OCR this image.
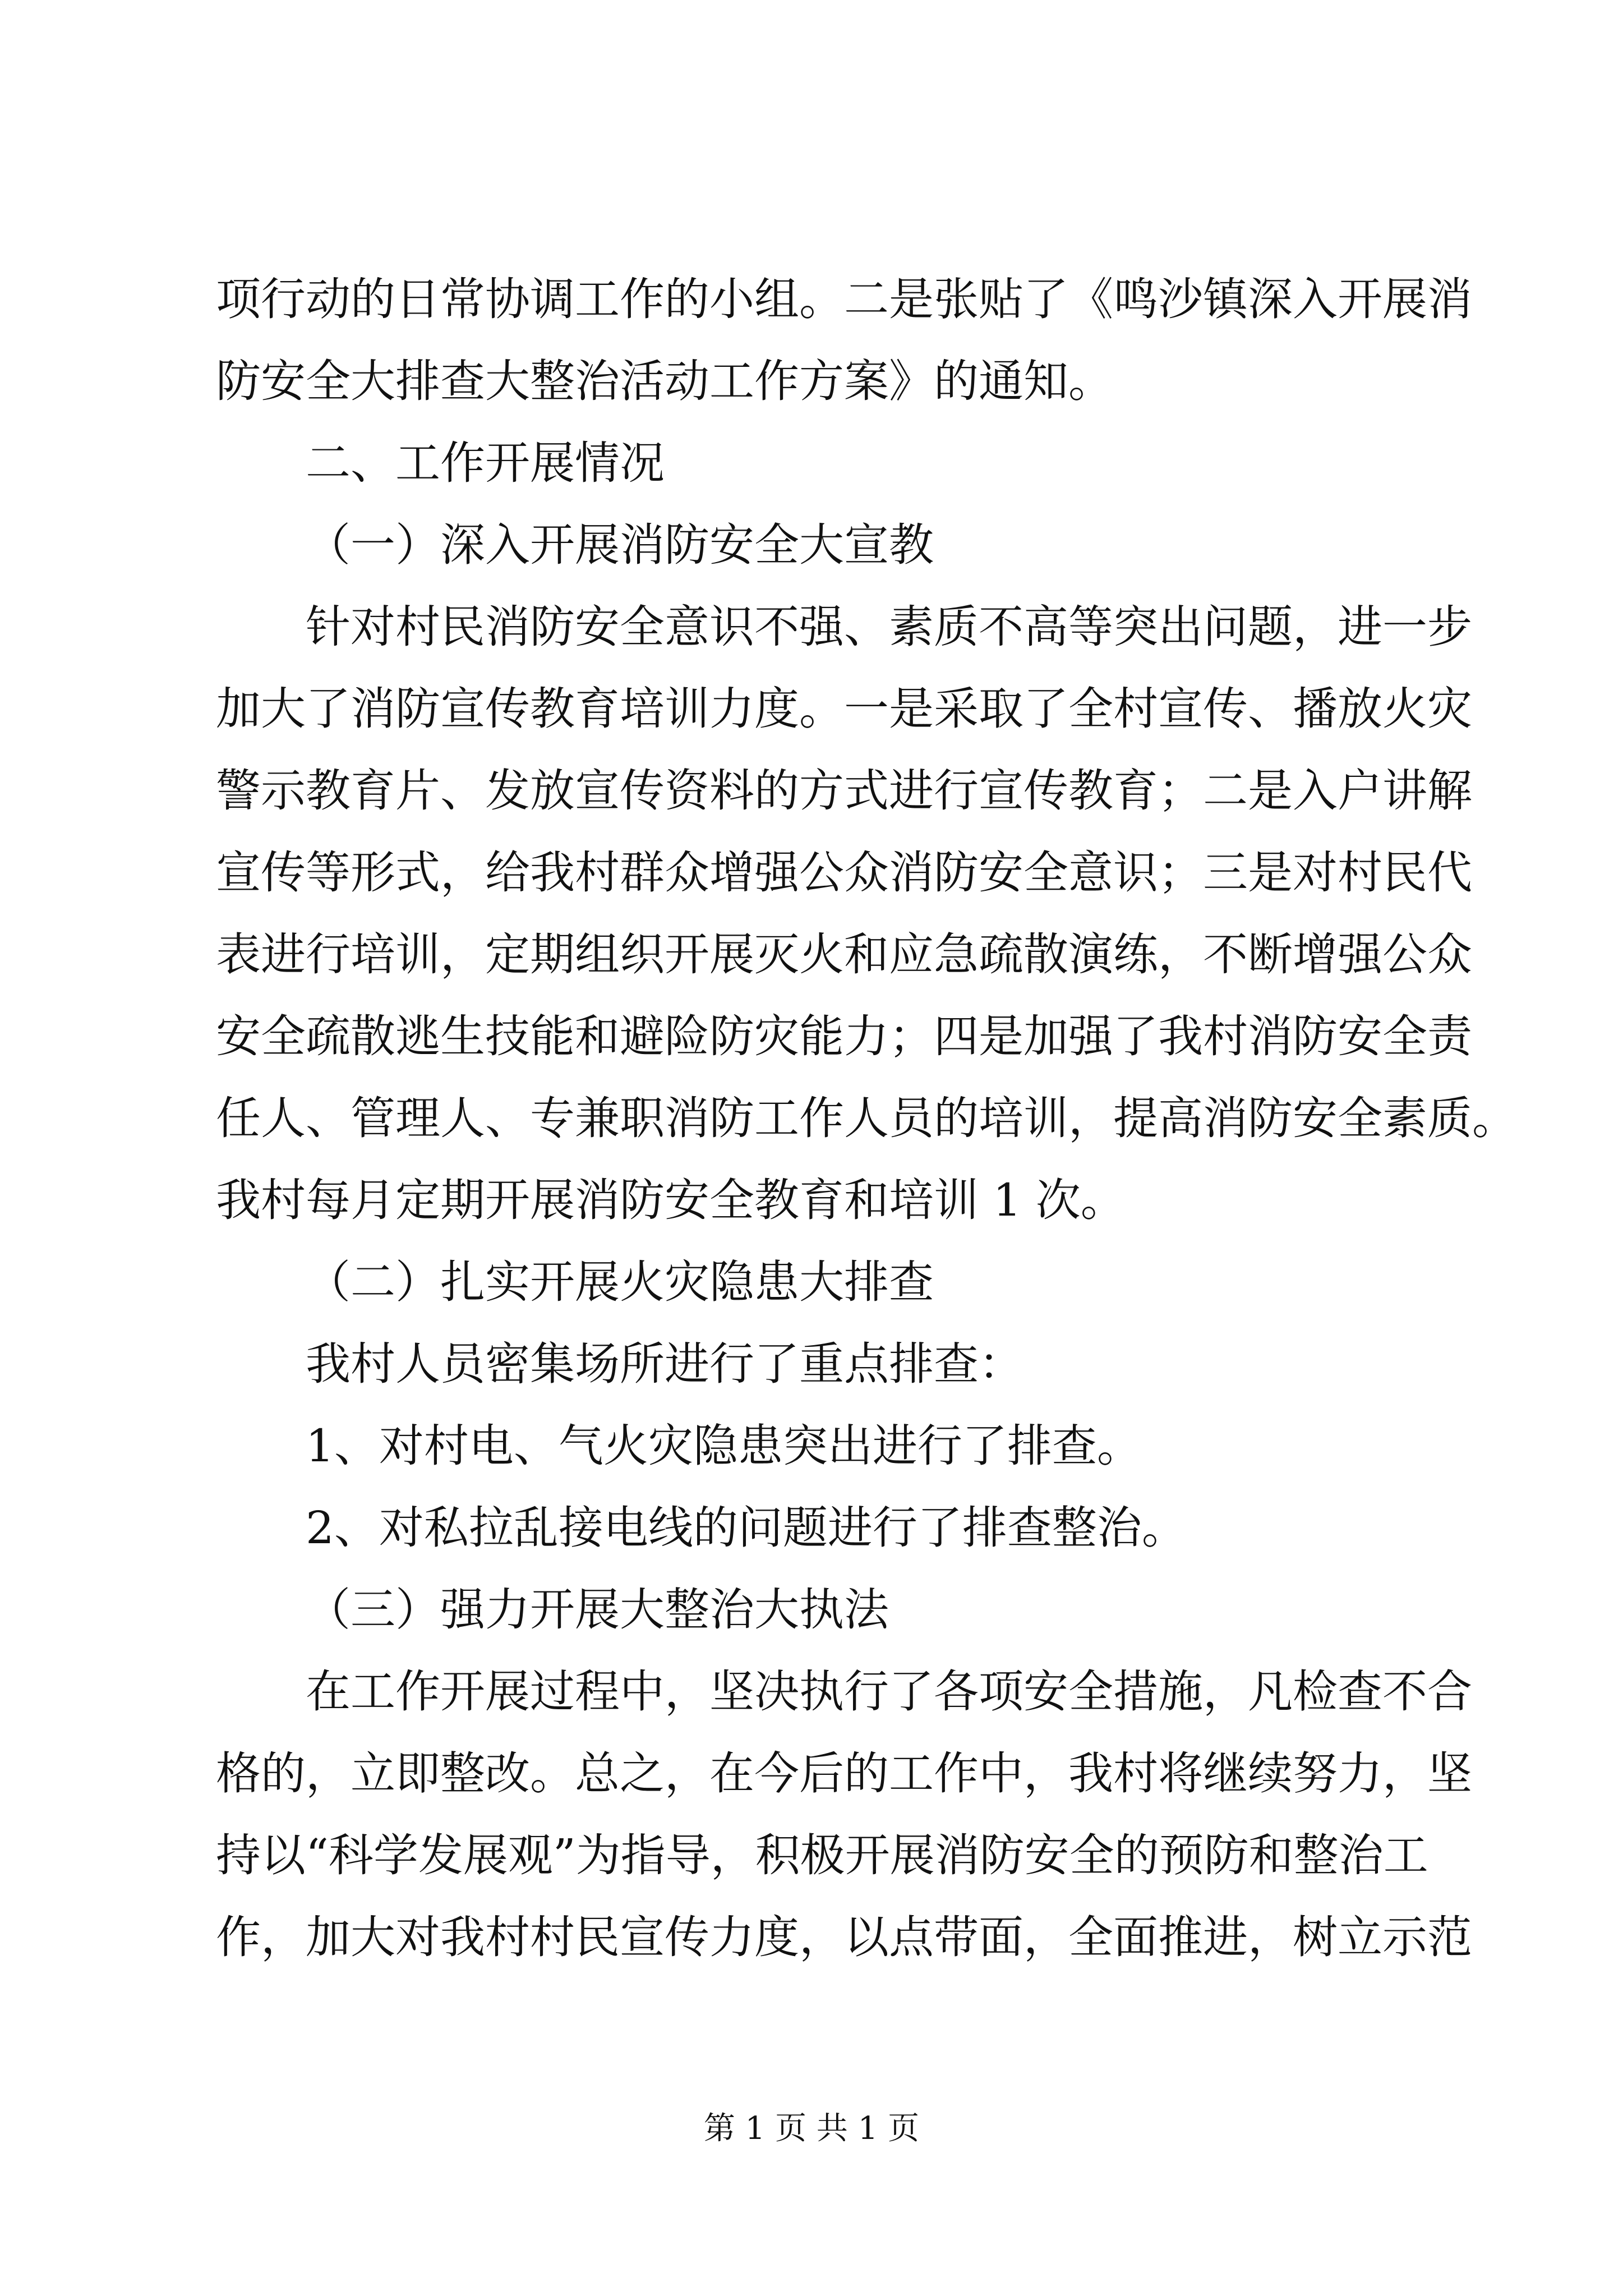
项行动的日常协调工作的小组。二是张贴了《鸣沙镇深入开展消

防安全大排查大整治活动工作方案》的通知。

二、工作开展情况

（一）深入开展消防安全大宣教

针对村民消防安全意识不强、素质不高等突出问题，进一步

加大了消防宣传教育培训力度。一是采取了全村宣传、播放火灾

警示教育片、发放宣传资料的方式进行宣传教育；二是入户讲解

宣传等形式，给我村群众增强公众消防安全意识；三是对村民代

表进行培训，定期组织开展灭火和应急疏散演练，不断增强公众

安全疏散逃生技能和避险防灾能力；四是加强了我村消防安全责

任人、管理人、专兼职消防工作人员的培训，提高消防安全素质。

我村每月定期开展消防安全教育和培训 1 次。

（二）扎实开展火灾隐患大排查

我村人员密集场所进行了重点排查：

1、对村电、气火灾隐患突出进行了排查。

2、对私拉乱接电线的问题进行了排查整治。

（三）强力开展大整治大执法

在工作开展过程中，坚决执行了各项安全措施，凡检查不合

格的，立即整改。总之，在今后的工作中，我村将继续努力，坚

持以“科学发展观”为指导，积极开展消防安全的预防和整治工

作，加大对我村村民宣传力度，以点带面，全面推进，树立示范

第 1 页 共 1 页
